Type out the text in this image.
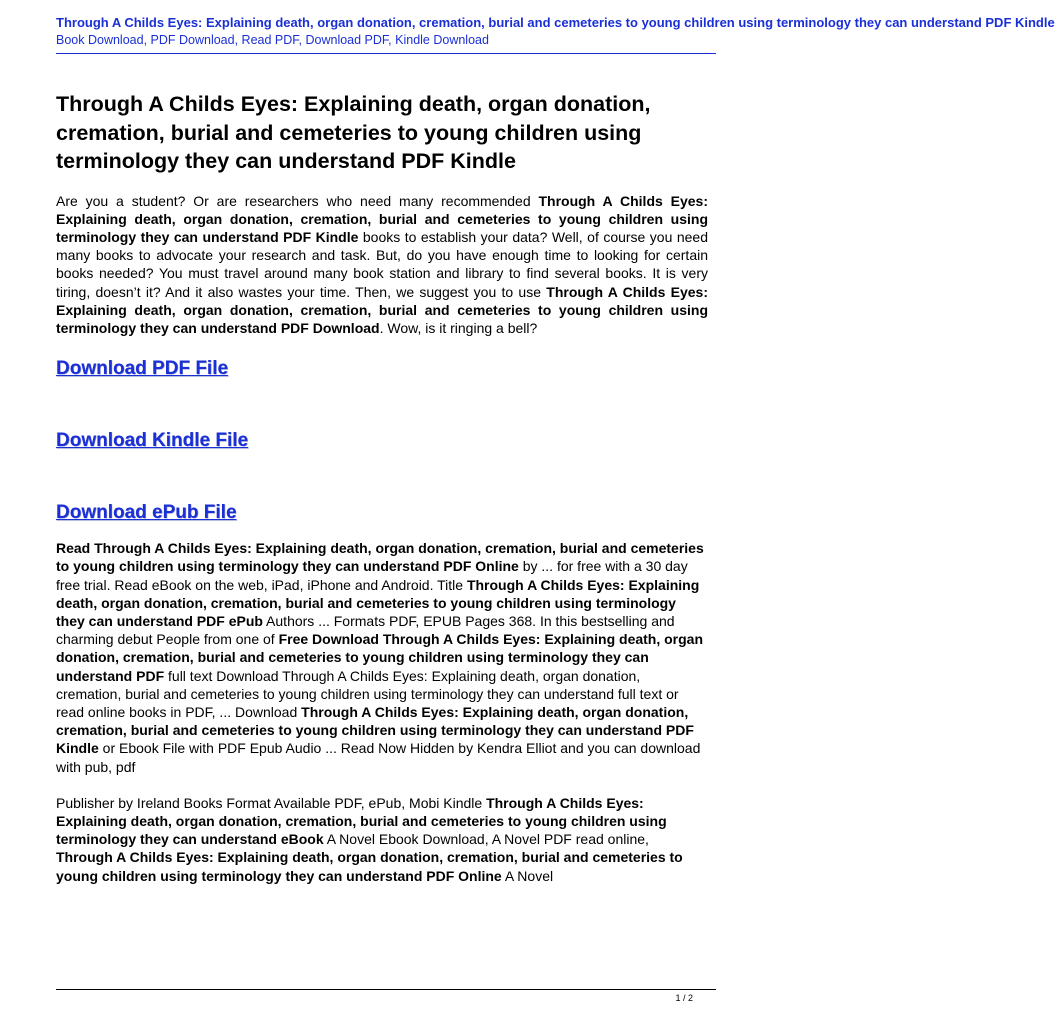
Through A Childs Eyes: Explaining death, organ donation, cremation, burial and cemeteries to young children using terminology they can understand PDF Kindle
Book Download, PDF Download, Read PDF, Download PDF, Kindle Download
Through A Childs Eyes: Explaining death, organ donation, cremation, burial and cemeteries to young children using terminology they can understand PDF Kindle

Are you a student? Or are researchers who need many recommended Through A Childs Eyes: Explaining death, organ donation, cremation, burial and cemeteries to young children using terminology they can understand PDF Kindle books to establish your data? Well, of course you need many books to advocate your research and task. But, do you have enough time to looking for certain books needed? You must travel around many book station and library to find several books. It is very tiring, doesn’t it? And it also wastes your time. Then, we suggest you to use Through A Childs Eyes: Explaining death, organ donation, cremation, burial and cemeteries to young children using terminology they can understand PDF Download. Wow, is it ringing a bell?

Download PDF File
Download Kindle File
Download ePub File

Read Through A Childs Eyes: Explaining death, organ donation, cremation, burial and cemeteries to young children using terminology they can understand PDF Online by ... for free with a 30 day free trial. Read eBook on the web, iPad, iPhone and Android. Title Through A Childs Eyes: Explaining death, organ donation, cremation, burial and cemeteries to young children using terminology they can understand PDF ePub Authors ... Formats PDF, EPUB Pages 368. In this bestselling and charming debut People from one of Free Download Through A Childs Eyes: Explaining death, organ donation, cremation, burial and cemeteries to young children using terminology they can understand PDF full text Download Through A Childs Eyes: Explaining death, organ donation, cremation, burial and cemeteries to young children using terminology they can understand full text or read online books in PDF, ... Download Through A Childs Eyes: Explaining death, organ donation, cremation, burial and cemeteries to young children using terminology they can understand PDF Kindle or Ebook File with PDF Epub Audio ... Read Now Hidden by Kendra Elliot and you can download with pub, pdf

Publisher by Ireland Books Format Available PDF, ePub, Mobi Kindle Through A Childs Eyes: Explaining death, organ donation, cremation, burial and cemeteries to young children using terminology they can understand eBook A Novel Ebook Download, A Novel PDF read online, Through A Childs Eyes: Explaining death, organ donation, cremation, burial and cemeteries to young children using terminology they can understand PDF Online A Novel

1 / 2
